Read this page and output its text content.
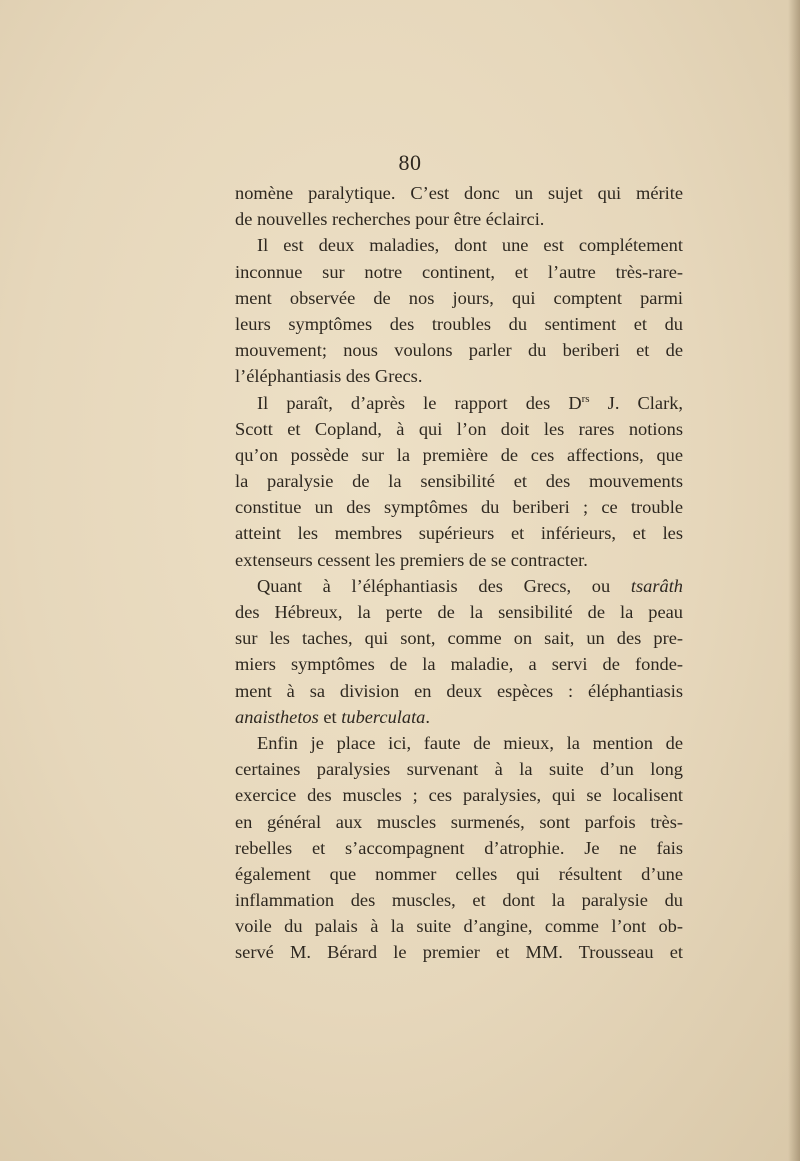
80
nomène paralytique. C’est donc un sujet qui mérite
de nouvelles recherches pour être éclairci.
Il est deux maladies, dont une est complétement
inconnue sur notre continent, et l’autre très-rare-
ment observée de nos jours, qui comptent parmi
leurs symptômes des troubles du sentiment et du
mouvement; nous voulons parler du beriberi et de
l’éléphantiasis des Grecs.
Il paraît, d’après le rapport des $D^{rs}$ J. Clark,
Scott et Copland, à qui l’on doit les rares notions
qu’on possède sur la première de ces affections, que
la paralysie de la sensibilité et des mouvements
constitue un des symptômes du beriberi ; ce trouble
atteint les membres supérieurs et inférieurs, et les
extenseurs cessent les premiers de se contracter.
Quant à l’éléphantiasis des Grecs, ou tsarâth
des Hébreux, la perte de la sensibilité de la peau
sur les taches, qui sont, comme on sait, un des pre-
miers symptômes de la maladie, a servi de fonde-
ment à sa division en deux espèces : éléphantiasis
anaisthetos et tuberculata.
Enfin je place ici, faute de mieux, la mention de
certaines paralysies survenant à la suite d’un long
exercice des muscles ; ces paralysies, qui se localisent
en général aux muscles surmenés, sont parfois très-
rebelles et s’accompagnent d’atrophie. Je ne fais
également que nommer celles qui résultent d’une
inflammation des muscles, et dont la paralysie du
voile du palais à la suite d’angine, comme l’ont ob-
servé M. Bérard le premier et MM. Trousseau et
